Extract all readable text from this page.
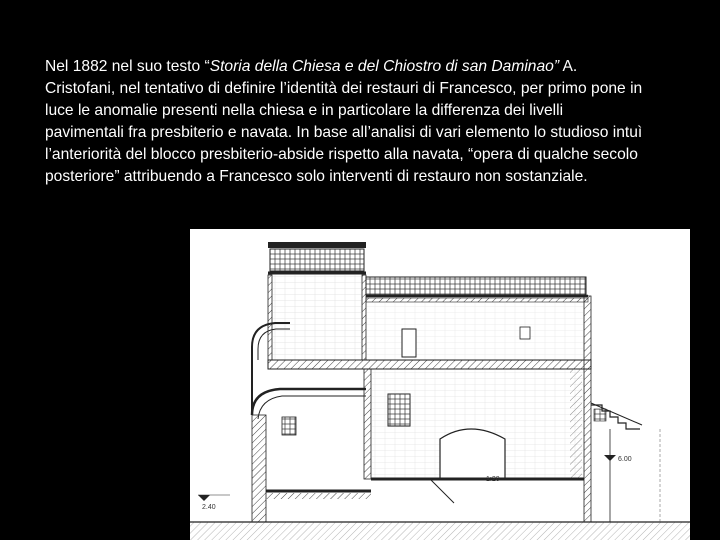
Nel 1882 nel suo testo “Storia della Chiesa e del Chiostro di san Daminao” A. Cristofani, nel tentativo di definire l’identità dei restauri di Francesco, per primo pone in luce le anomalie presenti nella chiesa e in particolare la differenza dei livelli pavimentali fra presbiterio e navata. In base all’analisi di vari elemento lo studioso intuì l’anteriorità del blocco presbiterio-abside rispetto alla navata, “opera di qualche secolo posteriore” attribuendo a Francesco solo interventi di restauro non sostanziale.

6.00
1:20
2.40
